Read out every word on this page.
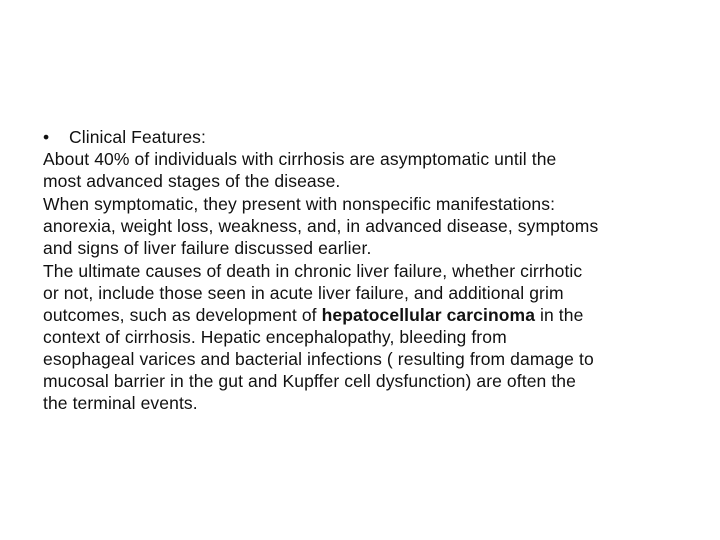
• Clinical Features:
About 40% of individuals with cirrhosis are asymptomatic until the
most advanced stages of the disease.
When symptomatic, they present with nonspecific manifestations:
anorexia, weight loss, weakness, and, in advanced disease, symptoms
and signs of liver failure discussed earlier.
The ultimate causes of death in chronic liver failure, whether cirrhotic
or not, include those seen in acute liver failure, and additional grim
outcomes, such as development of hepatocellular carcinoma in the
context of cirrhosis. Hepatic encephalopathy, bleeding from
esophageal varices and bacterial infections ( resulting from damage to
mucosal barrier in the gut and Kupffer cell dysfunction) are often the
the terminal events.
